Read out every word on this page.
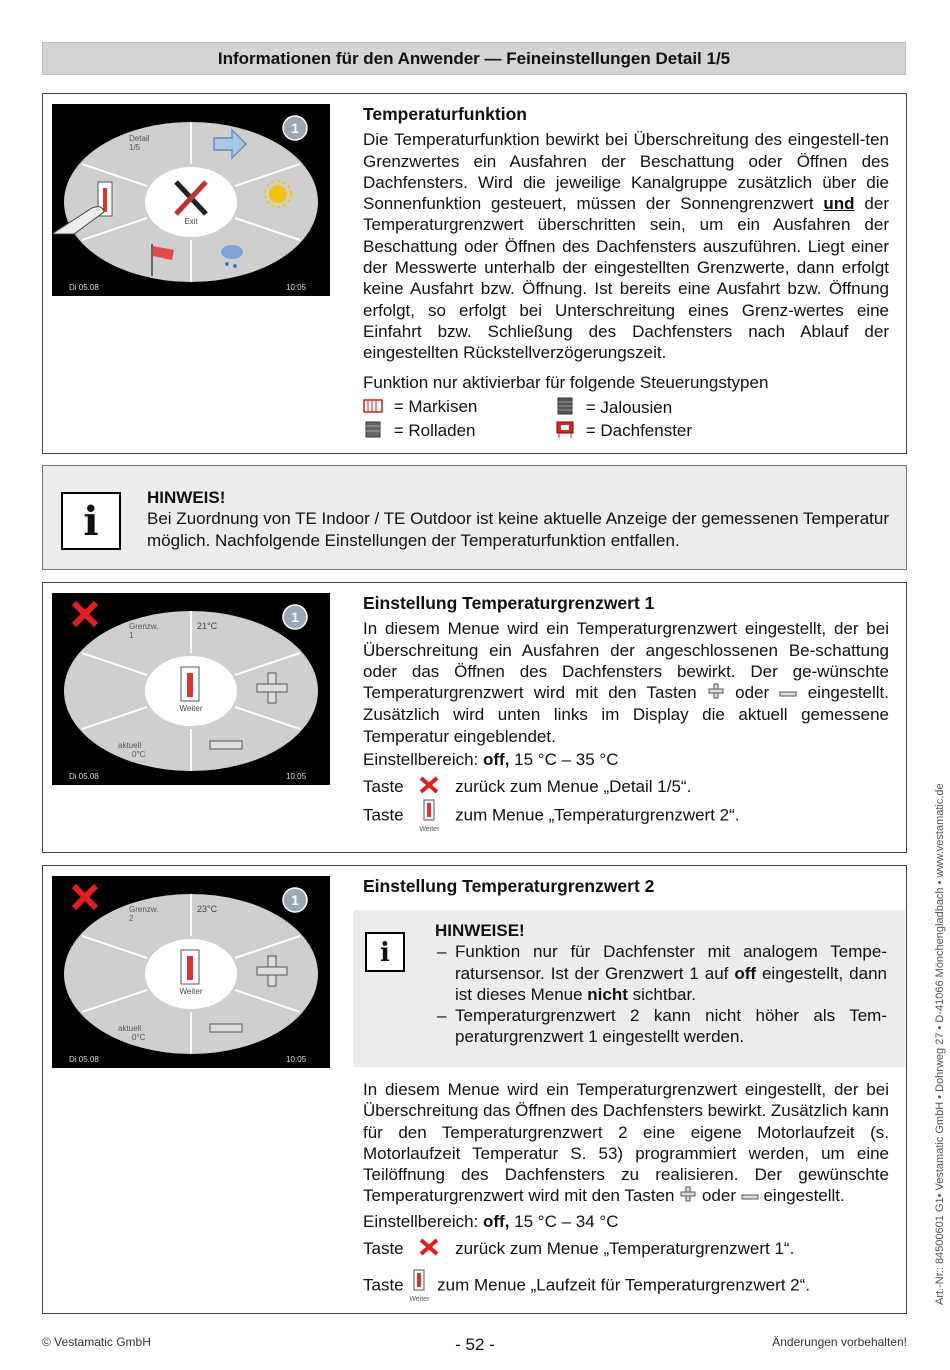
Informationen für den Anwender — Feineinstellungen Detail 1/5
Exit
Detail
1/5
1
Di 05.08	10:05

Temperaturfunktion

Die Temperaturfunktion bewirkt bei Überschreitung des eingestell-ten Grenzwertes ein Ausfahren der Beschattung oder Öffnen des Dachfensters. Wird die jeweilige Kanalgruppe zusätzlich über die Sonnenfunktion gesteuert, müssen der Sonnengrenzwert und der Temperaturgrenzwert überschritten sein, um ein Ausfahren der Beschattung oder Öffnen des Dachfensters auszuführen. Liegt einer der Messwerte unterhalb der eingestellten Grenzwerte, dann erfolgt keine Ausfahrt bzw. Öffnung. Ist bereits eine Ausfahrt bzw. Öffnung erfolgt, so erfolgt bei Unterschreitung eines Grenz-wertes eine Einfahrt bzw. Schließung des Dachfensters nach Ablauf der eingestellten Rückstellverzögerungszeit.

Funktion nur aktivierbar für folgende Steuerungstypen

= Markisen	= Jalousien
= Rolladen	= Dachfenster
i

HINWEIS!

Bei Zuordnung von TE Indoor / TE Outdoor ist keine aktuelle Anzeige der gemessenen Temperatur möglich. Nachfolgende Einstellungen der Temperaturfunktion entfallen.

1
Grenzw.
1
21°C
Weiter
aktuell
0°C
Di 05.08	10:05

Einstellung Temperaturgrenzwert 1

In diesem Menue wird ein Temperaturgrenzwert eingestellt, der bei Überschreitung ein Ausfahren der angeschlossenen Be-schattung oder das Öffnen des Dachfensters bewirkt. Der ge-wünschte Temperaturgrenzwert wird mit den Tasten oder eingestellt. Zusätzlich wird unten links im Display die aktuell gemessene Temperatur eingeblendet.

Einstellbereich: off, 15 °C – 35 °C

Taste	zurück zum Menue „Detail 1/5“.
Taste

Weiter
zum Menue „Temperaturgrenzwert 2“.
1
Grenzw.
2
23°C
Weiter
aktuell
0°C
Di 05.08	10:05

Einstellung Temperaturgrenzwert 2

In diesem Menue wird ein Temperaturgrenzwert eingestellt, der bei Überschreitung das Öffnen des Dachfensters bewirkt. Zusätzlich kann für den Temperaturgrenzwert 2 eine eigene Motorlaufzeit (s. Motorlaufzeit Temperatur S. 53) programmiert werden, um eine Teilöffnung des Dachfensters zu realisieren. Der gewünschte Temperaturgrenzwert wird mit den Tasten oder eingestellt.

Einstellbereich: off, 15 °C – 34 °C

Taste	zurück zum Menue „Temperaturgrenzwert 1“.
Taste

Weiter
zum Menue „Laufzeit für Temperaturgrenzwert 2“.
i

HINWEISE!

– Funktion nur für Dachfenster mit analogem Tempe-ratursensor. Ist der Grenzwert 1 auf off eingestellt, dann ist dieses Menue nicht sichtbar.
– Temperaturgrenzwert 2 kann nicht höher als Tem-peraturgrenzwert 1 eingestellt werden.	Art.-Nr.: 84500601 G1• Vestamatic GmbH • Dohrweg 27 • D-41066 Mönchengladbach • www.vestamatic.de
© Vestamatic GmbH	- 52 -	Änderungen vorbehalten!
